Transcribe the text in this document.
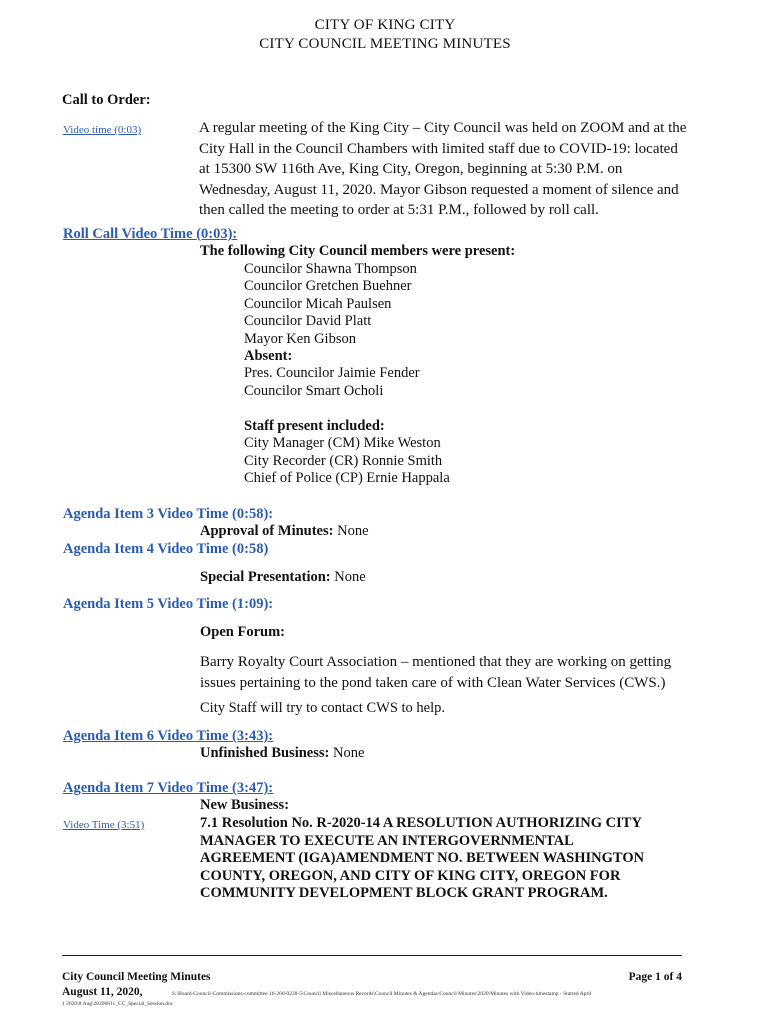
CITY OF KING CITY
CITY COUNCIL MEETING MINUTES
Call to Order:
Video time (0:03)	A regular meeting of the King City – City Council was held on ZOOM and at the
City Hall in the Council Chambers with limited staff due to COVID-19: located
at 15300 SW 116th Ave, King City, Oregon, beginning at 5:30 P.M. on
Wednesday, August 11, 2020. Mayor Gibson requested a moment of silence and
then called the meeting to order at 5:31 P.M., followed by roll call.
Roll Call Video Time (0:03):
The following City Council members were present:
Councilor Shawna Thompson
Councilor Gretchen Buehner
Councilor Micah Paulsen
Councilor David Platt
Mayor Ken Gibson
Absent:
Pres. Councilor Jaimie Fender
Councilor Smart Ocholi
Staff present included:
City Manager (CM) Mike Weston
City Recorder (CR) Ronnie Smith
Chief of Police (CP) Ernie Happala
Agenda Item 3 Video Time (0:58):
Approval of Minutes: None
Agenda Item 4 Video Time (0:58)
Special Presentation: None
Agenda Item 5 Video Time (1:09):
Open Forum:
Barry Royalty Court Association – mentioned that they are working on getting
issues pertaining to the pond taken care of with Clean Water Services (CWS.)
City Staff will try to contact CWS to help.
Agenda Item 6 Video Time (3:43):
Unfinished Business: None
Agenda Item 7 Video Time (3:47):
New Business:
Video Time (3:51)	7.1 Resolution No. R-2020-14 A RESOLUTION AUTHORIZING CITY
MANAGER TO EXECUTE AN INTERGOVERNMENTAL
AGREEMENT (IGA)AMENDMENT NO. BETWEEN WASHINGTON
COUNTY, OREGON, AND CITY OF KING CITY, OREGON FOR
COMMUNITY DEVELOPMENT BLOCK GRANT PROGRAM.
City Council Meeting Minutes
August 11, 2020,
Page 1 of 4
S:\Board-Council-Commissions-committee 16-200-0238-5\Council Miscellaneous Records\Council Minutes & Agendas\Council Minutes\2020\Minutes with Video-timestamp - Started April
1 2020\8 Aug\20200811_CC_Special_Session.doc
